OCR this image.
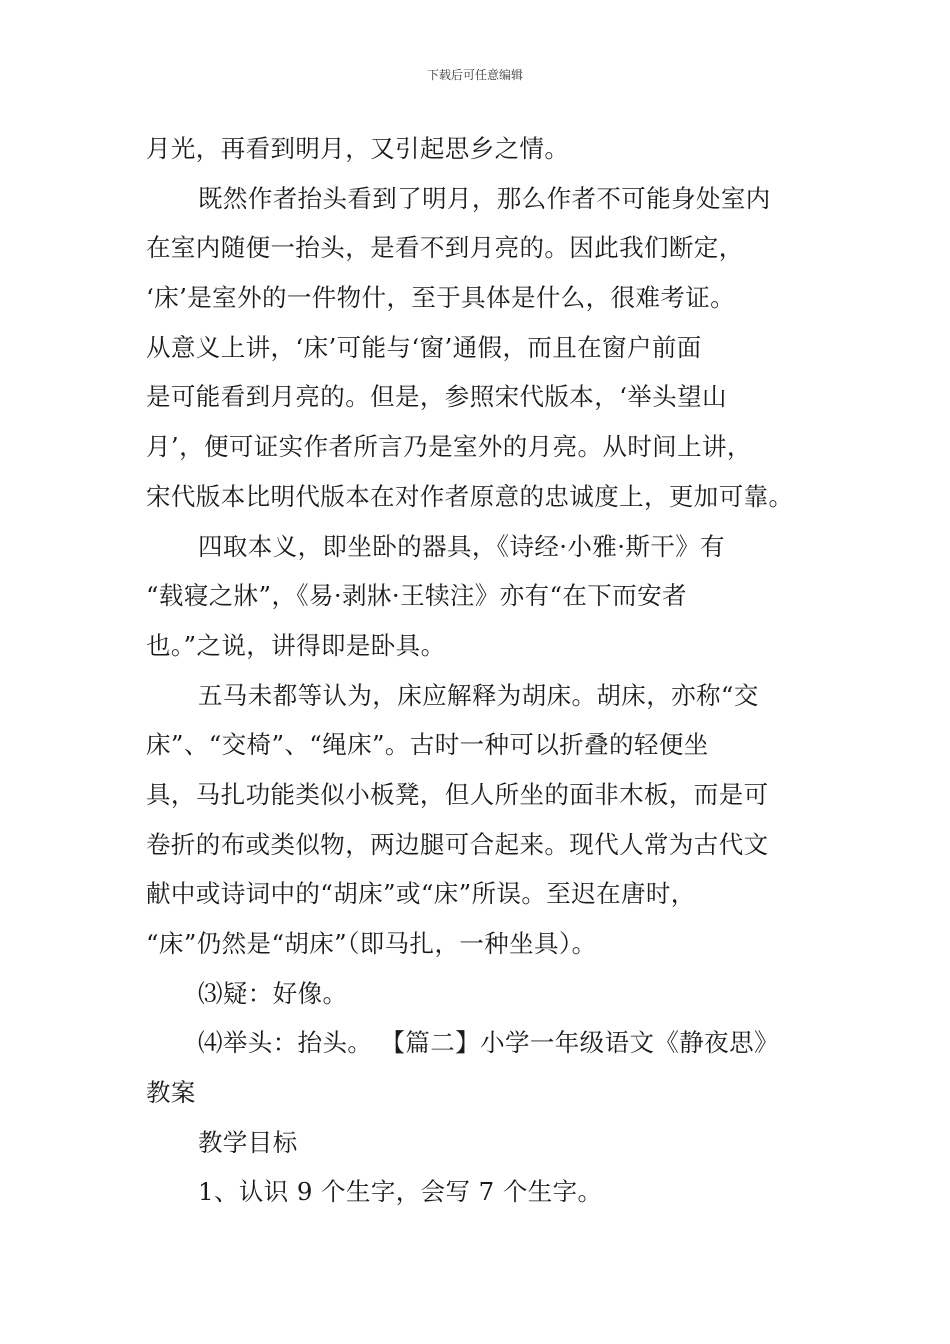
下载后可任意编辑
月光，再看到明月，又引起思乡之情。
既然作者抬头看到了明月，那么作者不可能身处室内
在室内随便一抬头，是看不到月亮的。因此我们断定，
‘床’是室外的一件物什，至于具体是什么，很难考证。
从意义上讲，‘床’可能与‘窗’通假，而且在窗户前面
是可能看到月亮的。但是，参照宋代版本，‘举头望山
月’，便可证实作者所言乃是室外的月亮。从时间上讲，
宋代版本比明代版本在对作者原意的忠诚度上，更加可靠。
四取本义，即坐卧的器具，《诗经·小雅·斯干》有
“载寝之牀”，《易·剥牀·王犊注》亦有“在下而安者
也。”之说，讲得即是卧具。
五马未都等认为，床应解释为胡床。胡床，亦称“交
床”、“交椅”、“绳床”。古时一种可以折叠的轻便坐
具，马扎功能类似小板凳，但人所坐的面非木板，而是可
卷折的布或类似物，两边腿可合起来。现代人常为古代文
献中或诗词中的“胡床”或“床”所误。至迟在唐时，
“床”仍然是“胡床”（即马扎，一种坐具）。
⑶疑：好像。
⑷举头：抬头。 【篇二】小学一年级语文《静夜思》
教案
教学目标
1、认识 9 个生字，会写 7 个生字。
